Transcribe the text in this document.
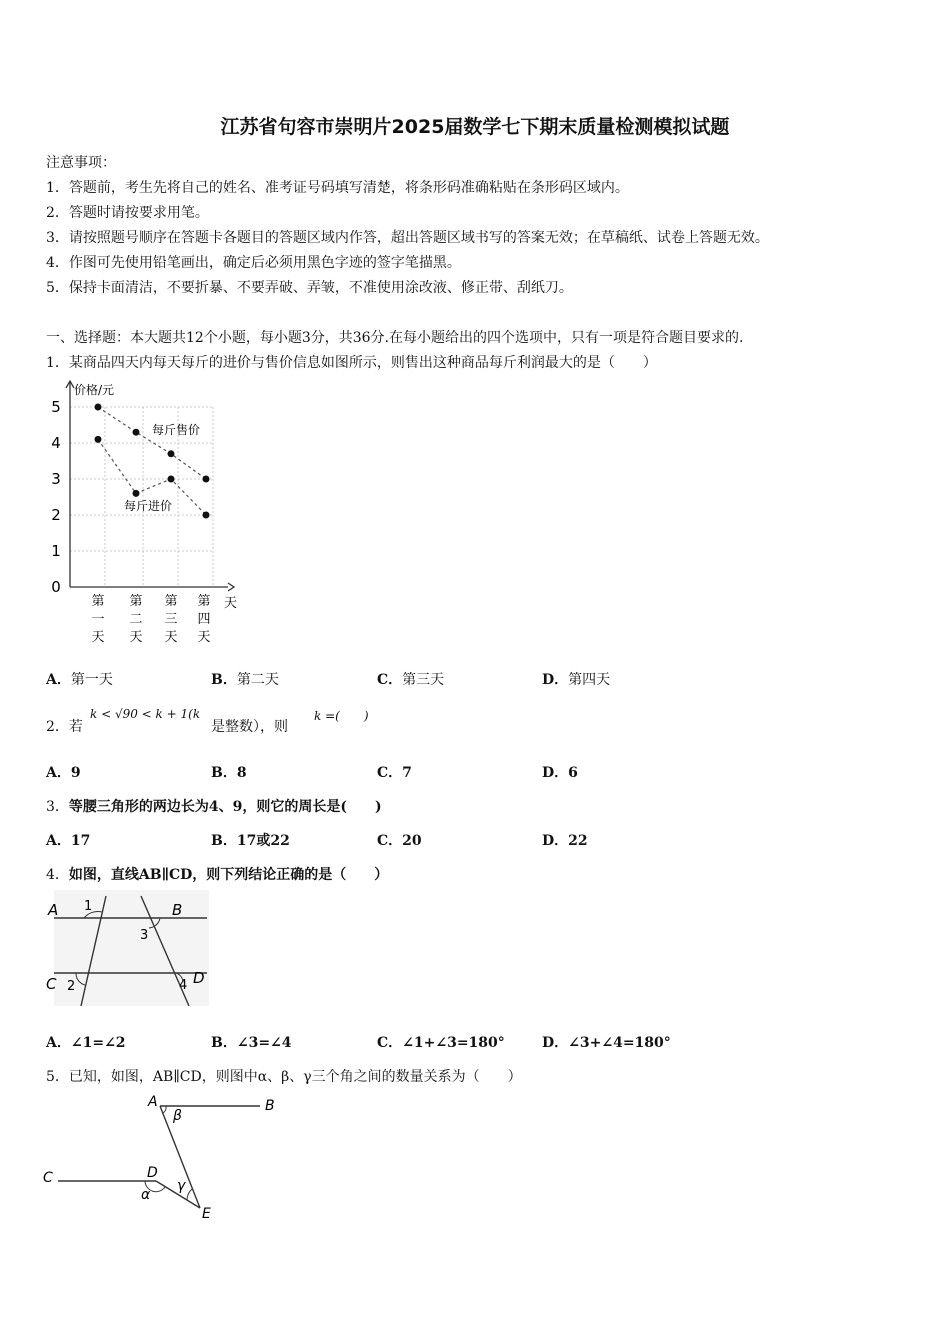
江苏省句容市崇明片2025届数学七下期末质量检测模拟试题
注意事项：
1．答题前，考生先将自己的姓名、准考证号码填写清楚，将条形码准确粘贴在条形码区域内。
2．答题时请按要求用笔。
3．请按照题号顺序在答题卡各题目的答题区域内作答，超出答题区域书写的答案无效；在草稿纸、试卷上答题无效。
4．作图可先使用铅笔画出，确定后必须用黑色字迹的签字笔描黑。
5．保持卡面清洁，不要折暴、不要弄破、弄皱，不准使用涂改液、修正带、刮纸刀。
一、选择题：本大题共12个小题，每小题3分，共36分.在每小题给出的四个选项中，只有一项是符合题目要求的.
1．某商品四天内每天每斤的进价与售价信息如图所示，则售出这种商品每斤利润最大的是（　　）
0
1
2
3
4
5
价格/元
天
第
一
天
第
二
天
第
三
天
第
四
天
每斤售价
每斤进价
A．第一天	B．第二天	C．第三天	D．第四天
2．若
k < √90 < k + 1(k
是整数），则
k =(　　)
A．9	B．8	C．7	D．6
3．等腰三角形的两边长为4、9，则它的周长是(　　)
A．17	B．17或22	C．20	D．22
4．如图，直线AB∥CD，则下列结论正确的是（　　）
A	B
C	D
1
2
3
4
A．∠1=∠2	B．∠3=∠4	C．∠1+∠3=180°	D．∠3+∠4=180°
5．已知，如图，AB∥CD，则图中α、β、γ三个角之间的数量关系为（　　）
A	B
C	D
E
α
β
γ
